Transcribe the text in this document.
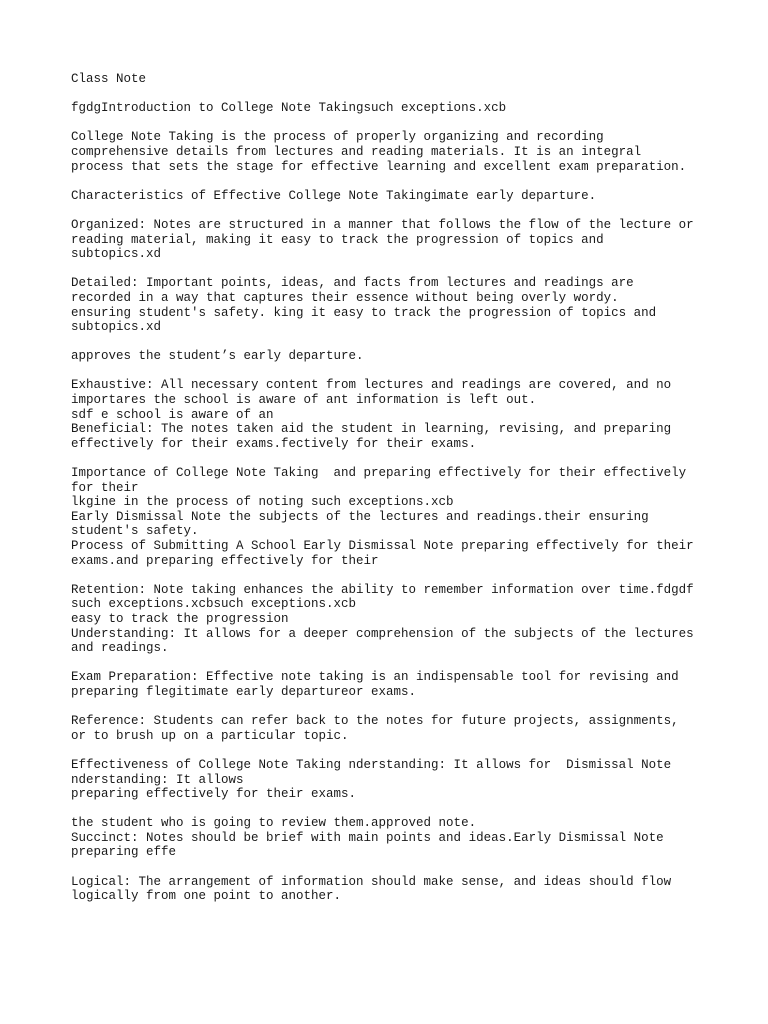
Class Note
fgdgIntroduction to College Note Takingsuch exceptions.xcb
College Note Taking is the process of properly organizing and recording
comprehensive details from lectures and reading materials. It is an integral
process that sets the stage for effective learning and excellent exam preparation.
Characteristics of Effective College Note Takingimate early departure.
Organized: Notes are structured in a manner that follows the flow of the lecture or
reading material, making it easy to track the progression of topics and
subtopics.xd
Detailed: Important points, ideas, and facts from lectures and readings are
recorded in a way that captures their essence without being overly wordy.
ensuring student's safety. king it easy to track the progression of topics and
subtopics.xd
approves the student’s early departure.
Exhaustive: All necessary content from lectures and readings are covered, and no
importares the school is aware of ant information is left out.
sdf e school is aware of an
Beneficial: The notes taken aid the student in learning, revising, and preparing
effectively for their exams.fectively for their exams.
Importance of College Note Taking  and preparing effectively for their effectively
for their
lkgine in the process of noting such exceptions.xcb
Early Dismissal Note the subjects of the lectures and readings.their ensuring
student's safety.
Process of Submitting A School Early Dismissal Note preparing effectively for their
exams.and preparing effectively for their
Retention: Note taking enhances the ability to remember information over time.fdgdf
such exceptions.xcbsuch exceptions.xcb
easy to track the progression
Understanding: It allows for a deeper comprehension of the subjects of the lectures
and readings.
Exam Preparation: Effective note taking is an indispensable tool for revising and
preparing flegitimate early departureor exams.
Reference: Students can refer back to the notes for future projects, assignments,
or to brush up on a particular topic.
Effectiveness of College Note Taking nderstanding: It allows for  Dismissal Note
nderstanding: It allows
preparing effectively for their exams.
the student who is going to review them.approved note.
Succinct: Notes should be brief with main points and ideas.Early Dismissal Note
preparing effe
Logical: The arrangement of information should make sense, and ideas should flow
logically from one point to another.
